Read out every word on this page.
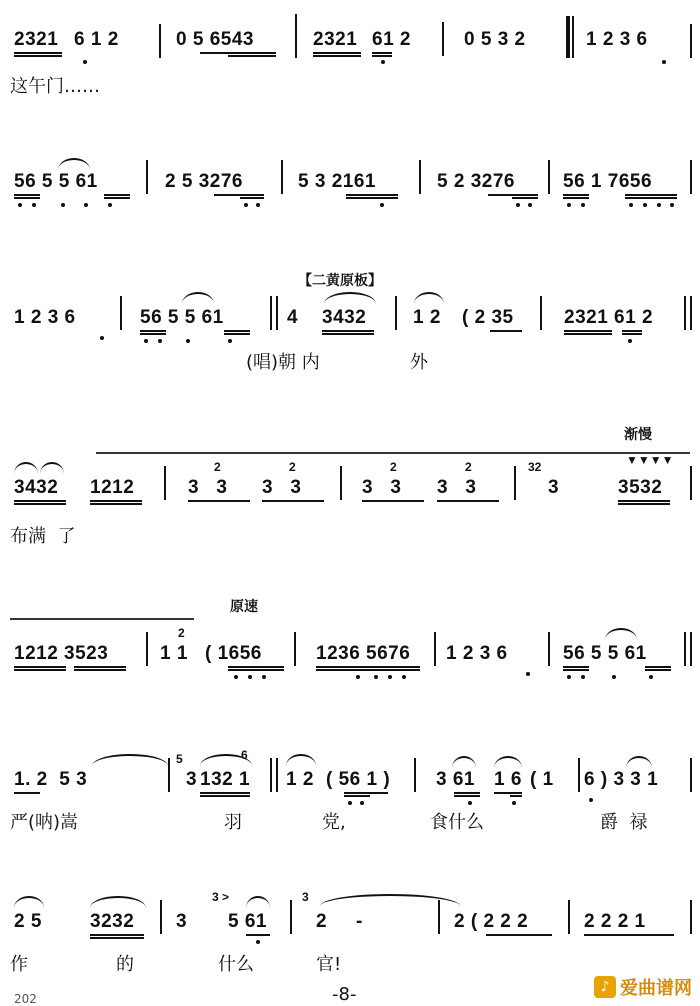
2321 6 1 2	0 5 6543	2321 61 2	0 5 3 2	1 2 3 6
这午门……
56 5 5 61	2 5 3276	5 3 2161	5 2 3276	56 1 7656
【二黄原板】
1 2 3 6	56 5 5 61	4 3432 1 2 ( 2 35	2321 61 2
(唱)朝 内	外
渐慢
▼▼▼▼
3432 1212
2
3   3
2
3   3
2
3   3
2
3   3
32
3	3532
布满  了
原速
1212 3523
2
1 1 ( 1656	1236 5676 1 2 3 6	56 5 5 61
1. 2  5 3
5
3
6
132 1 1 2 ( 56 1 ) 3 61 1 6 ( 1 6 ) 3 3 1
严(呐)嵩	羽	党,	食什么	爵  禄
2 5	3232 3
3 >
5 61
3
2     -	2 ( 2 2 2	2 2 2 1
作	的	什么	官!
202	-8-	♪ 爱曲谱网
